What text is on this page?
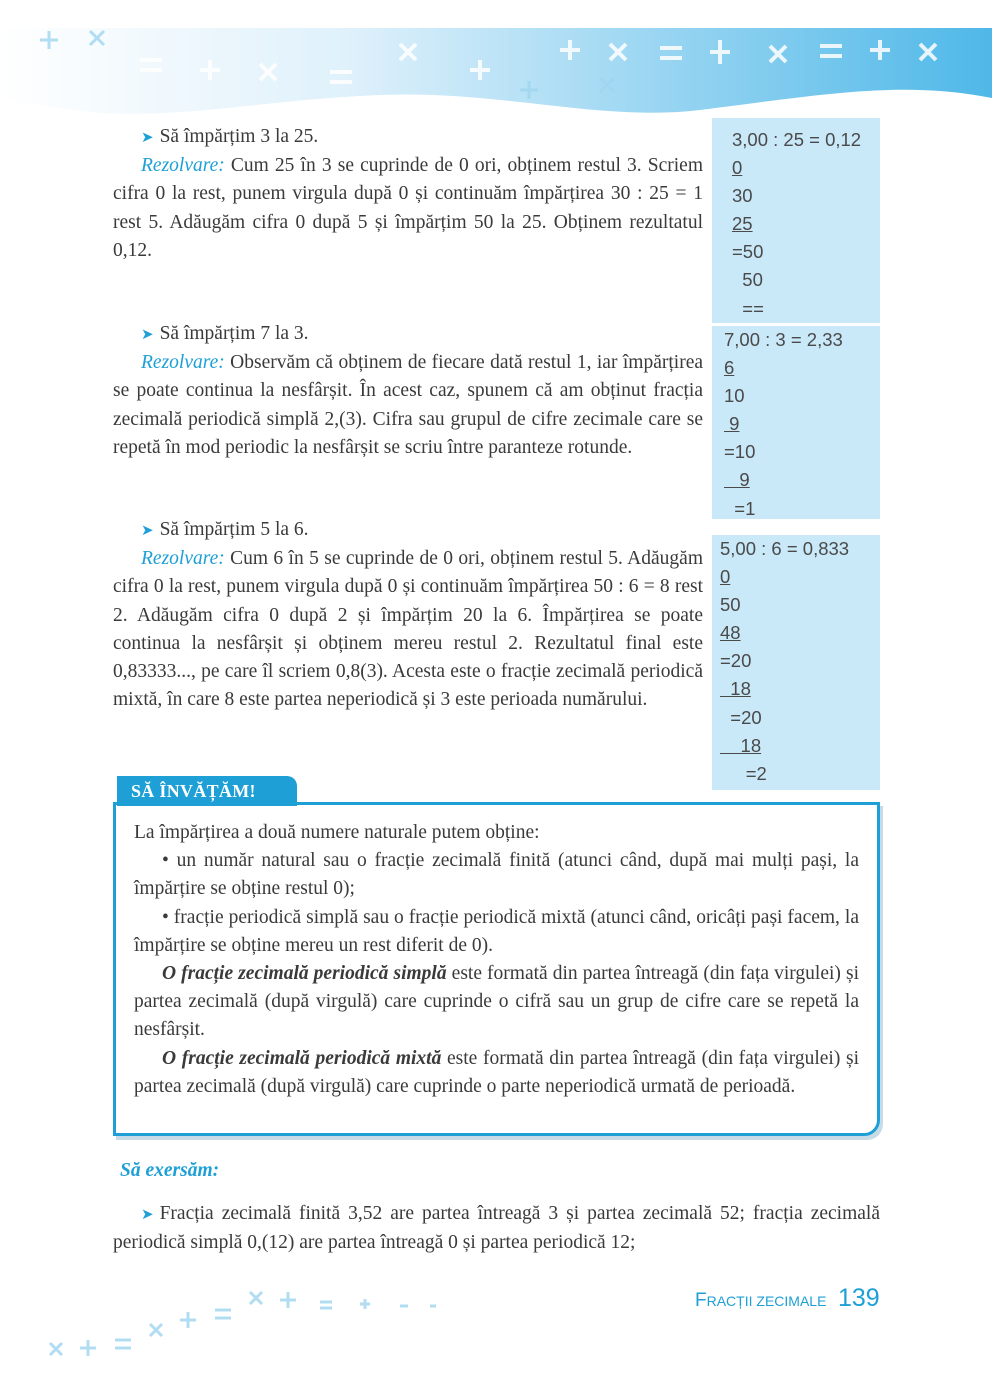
➤ Să împărțim 3 la 25.

Rezolvare: Cum 25 în 3 se cuprinde de 0 ori, obținem restul 3. Scriem cifra 0 la rest, punem virgula după 0 și continuăm împărțirea 30 : 25 = 1 rest 5. Adăugăm cifra 0 după 5 și împărțim 50 la 25. Obținem rezultatul 0,12.

➤ Să împărțim 7 la 3.

Rezolvare: Observăm că obținem de fiecare dată restul 1, iar împărțirea se poate continua la nesfârșit. În acest caz, spunem că am obținut fracția zecimală periodică simplă 2,(3). Cifra sau grupul de cifre zecimale care se repetă în mod periodic la nesfârșit se scriu între paranteze rotunde.

➤ Să împărțim 5 la 6.

Rezolvare: Cum 6 în 5 se cuprinde de 0 ori, obținem restul 5. Adăugăm cifra 0 la rest, punem virgula după 0 și continuăm împărțirea 50 : 6 = 8 rest 2. Adăugăm cifra 0 după 2 și împărțim 20 la 6. Împărțirea se poate continua la nesfârșit și obținem mereu restul 2. Rezultatul final este 0,83333..., pe care îl scriem 0,8(3). Acesta este o fracție zecimală periodică mixtă, în care 8 este partea neperiodică și 3 este perioada numărului.

3,00 : 25 = 0,12
0
30
25
=50
50
==
7,00 : 3 = 2,33
6
10
9
=10
9
=1
5,00 : 6 = 0,833
0
50
48
=20
18
=20
18
=2

La împărțirea a două numere naturale putem obține:

• un număr natural sau o fracție zecimală finită (atunci când, după mai mulți pași, la împărțire se obține restul 0);

• fracție periodică simplă sau o fracție periodică mixtă (atunci când, oricâți pași facem, la împărțire se obține mereu un rest diferit de 0).

O fracție zecimală periodică simplă este formată din partea întreagă (din fața virgulei) și partea zecimală (după virgulă) care cuprinde o cifră sau un grup de cifre care se repetă la nesfârșit.

O fracție zecimală periodică mixtă este formată din partea întreagă (din fața virgulei) și partea zecimală (după virgulă) care cuprinde o parte neperiodică urmată de perioadă.

SĂ ÎNVĂȚĂM!
Să exersăm:

➤ Fracția zecimală finită 3,52 are partea întreagă 3 și partea zecimală 52; fracția zecimală periodică simplă 0,(12) are partea întreagă 0 și partea periodică 12;

FRACȚII ZECIMALE 139
